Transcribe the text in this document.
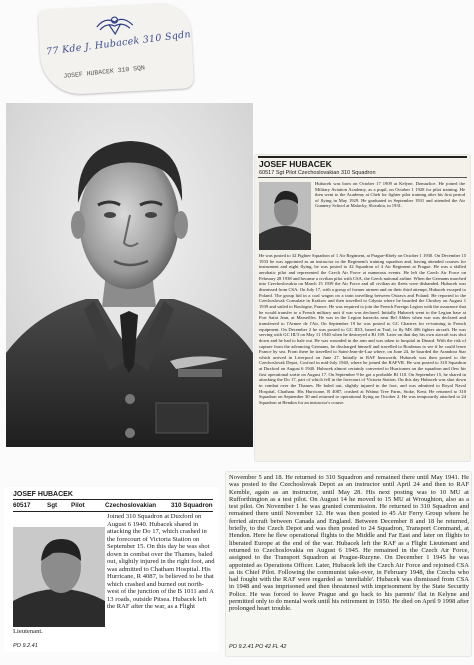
77 Kde J. Hubacek 310 Sqdn
JOSEF HUBACEK 310 SQN
JOSEF HUBACEK
60517 Sgt Pilot Czechoslovakian 310 Squadron
Hubacek was born on October 17 1909 at Kelyne, Domazlice. He joined the Military Aviation Academy, as a pupil, on October 1 1928 for pilot training. He then went to the Academy at Cheb for fighter pilot training after his first period of flying in May 1929. He graduated in September 1931 and attended the Air Gunnery School at Malacky, Slovakia, in 1931.
He was posted to 32 Fighter Squadron of 1 Air Regiment, at Prague-Kbely on October 1 1930. On December 15 1933 he was appointed as an instructor in the Regiment's training squadron and, having attended courses for instrument and night flying, he was posted to 42 Squadron of 4 Air Regiment at Prague. He was a skilled aerobatic pilot and represented the Czech Air Force at numerous events. He left the Czech Air Force on February 28 1938 and became a civilian pilot with CSA, the Czech national airline. When the Germans marched into Czechoslovakia on March 15 1939 the Air Force and all civilian air fleets were disbanded. Hubacek was dismissed from CSA. On July 17, with a group of former airmen and on their third attempt, Hubacek escaped to Poland. The group hid in a coal wagon on a train travelling between Ostrava and Poland. He reported to the Czechoslovak Consulate in Krakow and then travelled to Gdynia where he boarded the Chrobry on August 1 1939 and sailed to Boulogne, France. He was required to join the French Foreign Legion with the assurance that he would transfer to a French military unit if war was declared. Initially Hubacek went to the Legion base at Fort Saint Jean, at Marseilles. He was in the Legion barracks near Bel Abbes when war was declared and transferred to l'Armee de l'Air. On September 19 he was posted to GC Chartres for re-training to French equipment. On December 2 he was posted to GC III/3, based at Toul, to fly MS 406 fighter aircraft. He was serving with GC III/3 on May 11 1940 when he destroyed a Bf 109. Later on that day his own aircraft was shot down and he had to bale out. He was wounded in the arm and was taken to hospital in Dinard. With the risk of capture from the advancing Germans, he discharged himself and travelled to Bordeaux to see if he could leave France by sea. From there he travelled to Saint-Jean-de-Luz where, on June 24, he boarded the Arandora Star which arrived in Liverpool on June 27. Initially in RAF Innsworth, Hubacek was then posted to the Czechoslovak Depot, Cosford in mid-July 1940, where he joined the RAFVR. He was posted to 310 Squadron at Duxford on August 6 1940. Hubacek almost certainly converted to Hurricanes on the squadron and flew his first operational sortie on August 17. On September 9 he got a probable Bf 110. On September 15, he shared in attacking the Do 17, part of which fell in the forecourt of Victoria Station. On this day Hubacek was shot down in combat over the Thames. He baled out, slightly injured in the foot, and was admitted to Royal Naval Hospital, Chatham. His Hurricane, R 4087, crashed at Walnut Tree Farm, Stoke, Kent. He returned to 310 Squadron on September 30 and returned to operational flying on October 2. He was temporarily attached to 24 Squadron at Hendon for an instructor's course.
JOSEF HUBACEK
60517	Sgt Pilot	Czechoslovakian 310 Squadron
Joined 310 Squadron at Duxford on August 6 1940. Hubacek shared in attacking the Do 17, which crashed in the forecourt of Victoria Station on September 15. On this day he was shot down in combat over the Thames, baled out, slightly injured in the right foot, and was admitted to Chatham Hospital. His Hurricane, R 4087, is believed to be that which crashed and burned out north-west of the junction of the B 1011 and A 13 roads, outside Pitsea. Hubacek left the RAF after the war, as a Flight
Lieutenant.
PO 9.2.41
November 5 and 18. He returned to 310 Squadron and remained there until May 1941. He was posted to the Czechoslovak Depot as an instructor until April 24 and then to RAF Kemble, again as an instructor, until May 28. His next posting was to 10 MU at Rufforthington as a test pilot. On August 14 he moved to 15 MU at Wroughton, also as a test pilot. On November 1 he was granted commission. He returned to 310 Squadron and remained there until November 12. He was then posted to 45 Air Ferry Group where he ferried aircraft between Canada and England. Between December 8 and 18 he returned, briefly, to the Czech Depot and was then posted to 24 Squadron, Transport Command, at Hendon. Here he flew operational flights to the Middle and Far East and later on flights to liberated Europe at the end of the war. Hubacek left the RAF as a Flight Lieutenant and returned to Czechoslovakia on August 6 1945. He remained in the Czech Air Force, assigned to the Transport Squadron at Prague-Ruzyne. On December 1 1945 he was appointed as Operations Officer. Later, Hubacek left the Czech Air Force and rejoined CSA as its Chief Pilot. Following the communist take-over, in February 1948, the Czechs who had fought with the RAF were regarded as 'unreliable'. Hubacek was dismissed from CSA in 1948 and was imprisoned and then threatened with imprisonment by the State Security Police. He was forced to leave Prague and go back to his parents' flat in Kelyne and permitted only to do menial work until his retirement in 1950. He died on April 9 1998 after prolonged heart trouble.
PO 9.2.41 PO 42 FL 42
